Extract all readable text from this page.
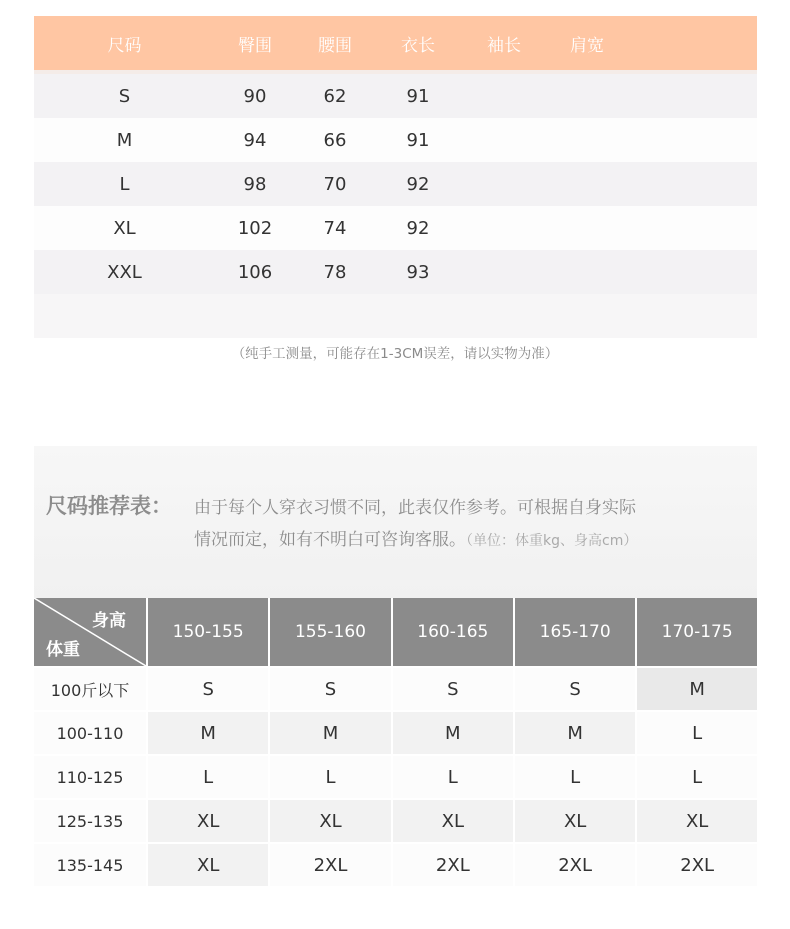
尺码	臀围	腰围	衣长	袖长	肩宽
S	90	62	91
M	94	66	91
L	98	70	92
XL	102	74	92
XXL	106	78	93
（纯手工测量，可能存在1-3CM误差，请以实物为准）
尺码推荐表： 由于每个人穿衣习惯不同，此表仅作参考。可根据自身实际
情况而定，如有不明白可咨询客服。（单位：体重kg、身高cm）
身高
体重	150-155	155-160	160-165	165-170	170-175
100斤以下	S	S	S	S	M
100-110	M	M	M	M	L
110-125	L	L	L	L	L
125-135	XL	XL	XL	XL	XL
135-145	XL	2XL	2XL	2XL	2XL
